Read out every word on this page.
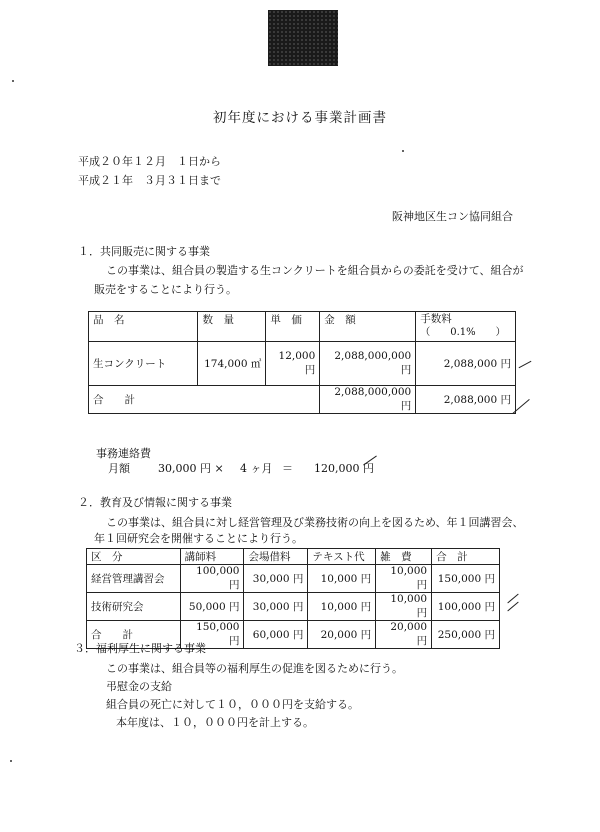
初年度における事業計画書
平成２０年１２月　１日から
平成２１年　３月３１日まで
阪神地区生コン協同組合
１．共同販売に関する事業
この事業は、組合員の製造する生コンクリートを組合員からの委託を受けて、組合が
販売をすることにより行う。
品　名	数　量	単　価	金　額	手数料
（　　0.1%　　）

生コンクリート	174,000 ㎥	12,000 円	2,088,000,000 円	2,088,000 円
合　　計			2,088,000,000 円	2,088,000 円
事務連絡費
月額	30,000 円 × 4 ヶ月 ＝ 120,000 円
２．教育及び情報に関する事業
この事業は、組合員に対し経営管理及び業務技術の向上を図るため、年１回講習会、
年１回研究会を開催することにより行う。
区　分	講師料	会場借料	テキスト代	雑　費	合　計
経営管理講習会	100,000 円	30,000 円	10,000 円	10,000 円	150,000 円
技術研究会	50,000 円	30,000 円	10,000 円	10,000 円	100,000 円
合　　計	150,000 円	60,000 円	20,000 円	20,000 円	250,000 円
３．福利厚生に関する事業
この事業は、組合員等の福利厚生の促進を図るために行う。
弔慰金の支給
組合員の死亡に対して１０，０００円を支給する。
本年度は、１０，０００円を計上する。
